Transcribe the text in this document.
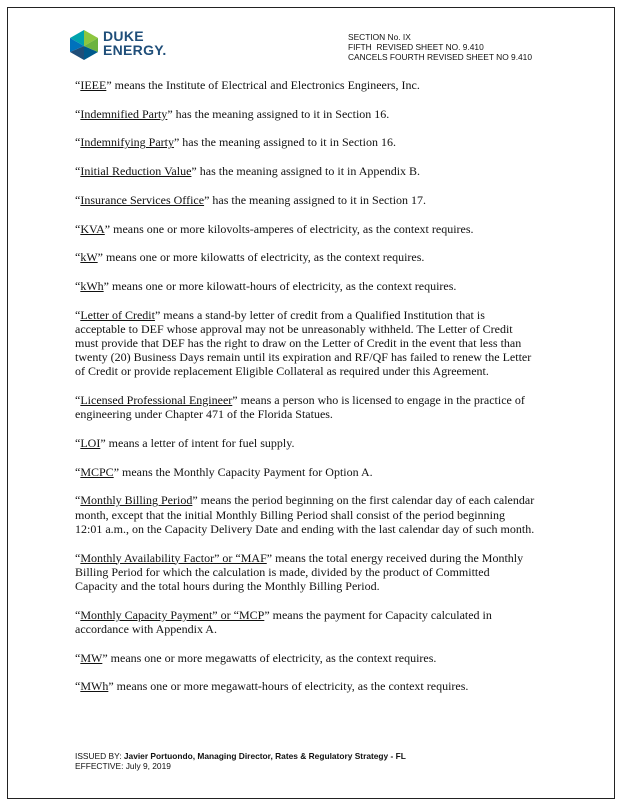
DUKE
ENERGY.
SECTION No. IX
FIFTH  REVISED SHEET NO. 9.410
CANCELS FOURTH REVISED SHEET NO 9.410

“IEEE” means the Institute of Electrical and Electronics Engineers, Inc.

“Indemnified Party” has the meaning assigned to it in Section 16.

“Indemnifying Party” has the meaning assigned to it in Section 16.

“Initial Reduction Value” has the meaning assigned to it in Appendix B.

“Insurance Services Office” has the meaning assigned to it in Section 17.

“KVA” means one or more kilovolts-amperes of electricity, as the context requires.

“kW” means one or more kilowatts of electricity, as the context requires.

“kWh” means one or more kilowatt-hours of electricity, as the context requires.

“Letter of Credit” means a stand-by letter of credit from a Qualified Institution that is acceptable to DEF whose approval may not be unreasonably withheld. The Letter of Credit must provide that DEF has the right to draw on the Letter of Credit in the event that less than twenty (20) Business Days remain until its expiration and RF/QF has failed to renew the Letter of Credit or provide replacement Eligible Collateral as required under this Agreement.

“Licensed Professional Engineer” means a person who is licensed to engage in the practice of engineering under Chapter 471 of the Florida Statues.

“LOI” means a letter of intent for fuel supply.

“MCPC” means the Monthly Capacity Payment for Option A.

“Monthly Billing Period” means the period beginning on the first calendar day of each calendar month, except that the initial Monthly Billing Period shall consist of the period beginning 12:01 a.m., on the Capacity Delivery Date and ending with the last calendar day of such month.

“Monthly Availability Factor” or “MAF” means the total energy received during the Monthly Billing Period for which the calculation is made, divided by the product of Committed Capacity and the total hours during the Monthly Billing Period.

“Monthly Capacity Payment” or “MCP” means the payment for Capacity calculated in accordance with Appendix A.

“MW” means one or more megawatts of electricity, as the context requires.

“MWh” means one or more megawatt-hours of electricity, as the context requires.

ISSUED BY: Javier Portuondo, Managing Director, Rates & Regulatory Strategy - FL
EFFECTIVE: July 9, 2019
